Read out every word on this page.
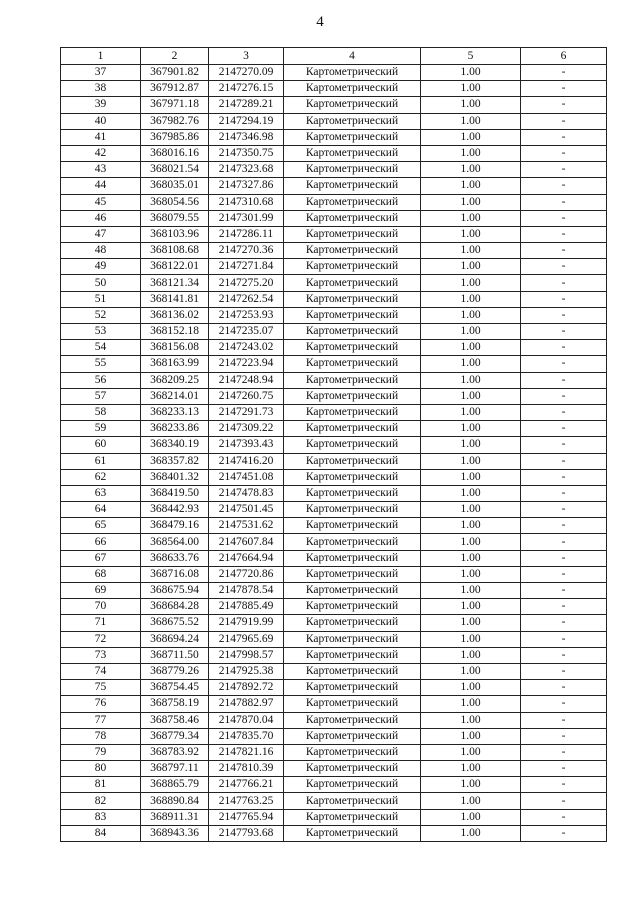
4
1	2	3	4	5	6
37	367901.82	2147270.09	Картометрический	1.00	-
38	367912.87	2147276.15	Картометрический	1.00	-
39	367971.18	2147289.21	Картометрический	1.00	-
40	367982.76	2147294.19	Картометрический	1.00	-
41	367985.86	2147346.98	Картометрический	1.00	-
42	368016.16	2147350.75	Картометрический	1.00	-
43	368021.54	2147323.68	Картометрический	1.00	-
44	368035.01	2147327.86	Картометрический	1.00	-
45	368054.56	2147310.68	Картометрический	1.00	-
46	368079.55	2147301.99	Картометрический	1.00	-
47	368103.96	2147286.11	Картометрический	1.00	-
48	368108.68	2147270.36	Картометрический	1.00	-
49	368122.01	2147271.84	Картометрический	1.00	-
50	368121.34	2147275.20	Картометрический	1.00	-
51	368141.81	2147262.54	Картометрический	1.00	-
52	368136.02	2147253.93	Картометрический	1.00	-
53	368152.18	2147235.07	Картометрический	1.00	-
54	368156.08	2147243.02	Картометрический	1.00	-
55	368163.99	2147223.94	Картометрический	1.00	-
56	368209.25	2147248.94	Картометрический	1.00	-
57	368214.01	2147260.75	Картометрический	1.00	-
58	368233.13	2147291.73	Картометрический	1.00	-
59	368233.86	2147309.22	Картометрический	1.00	-
60	368340.19	2147393.43	Картометрический	1.00	-
61	368357.82	2147416.20	Картометрический	1.00	-
62	368401.32	2147451.08	Картометрический	1.00	-
63	368419.50	2147478.83	Картометрический	1.00	-
64	368442.93	2147501.45	Картометрический	1.00	-
65	368479.16	2147531.62	Картометрический	1.00	-
66	368564.00	2147607.84	Картометрический	1.00	-
67	368633.76	2147664.94	Картометрический	1.00	-
68	368716.08	2147720.86	Картометрический	1.00	-
69	368675.94	2147878.54	Картометрический	1.00	-
70	368684.28	2147885.49	Картометрический	1.00	-
71	368675.52	2147919.99	Картометрический	1.00	-
72	368694.24	2147965.69	Картометрический	1.00	-
73	368711.50	2147998.57	Картометрический	1.00	-
74	368779.26	2147925.38	Картометрический	1.00	-
75	368754.45	2147892.72	Картометрический	1.00	-
76	368758.19	2147882.97	Картометрический	1.00	-
77	368758.46	2147870.04	Картометрический	1.00	-
78	368779.34	2147835.70	Картометрический	1.00	-
79	368783.92	2147821.16	Картометрический	1.00	-
80	368797.11	2147810.39	Картометрический	1.00	-
81	368865.79	2147766.21	Картометрический	1.00	-
82	368890.84	2147763.25	Картометрический	1.00	-
83	368911.31	2147765.94	Картометрический	1.00	-
84	368943.36	2147793.68	Картометрический	1.00	-
